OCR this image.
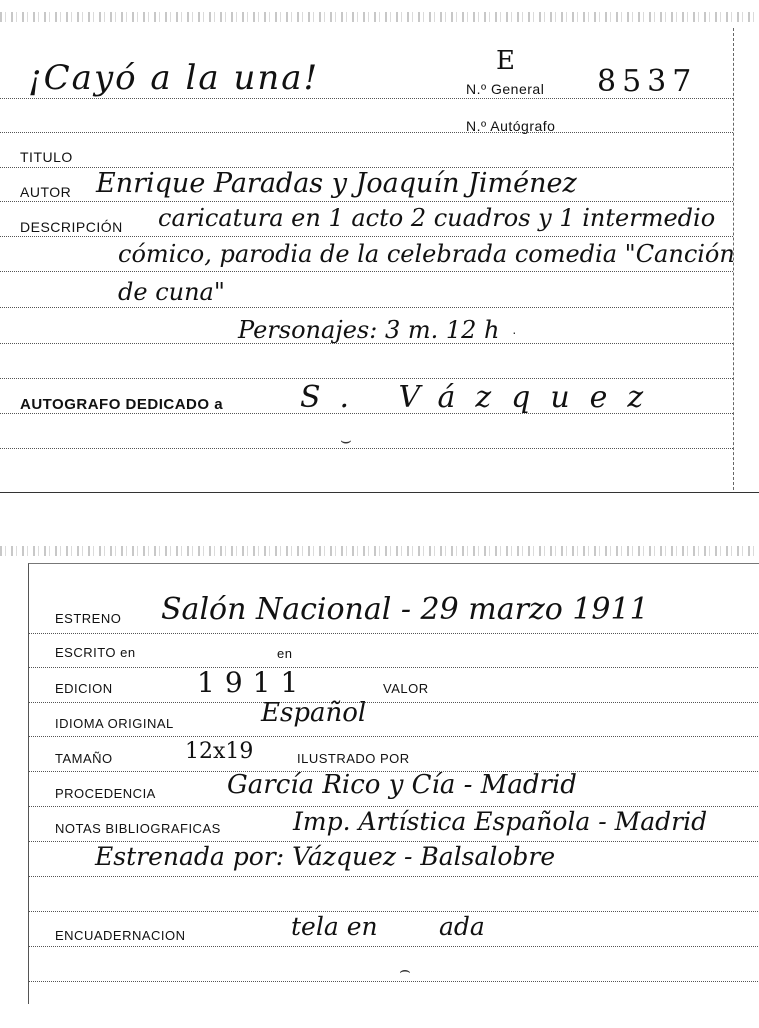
¡Cayó a la una!	E
N.º General 8537
N.º Autógrafo
TITULO
AUTOR Enrique Paradas y Joaquín Jiménez
DESCRIPCIÓN caricatura en 1 acto 2 cuadros y 1 intermedio
cómico, parodia de la celebrada comedia "Canción
de cuna"
Personajes: 3 m. 12 h ·
AUTOGRAFO DEDICADO a	S. Vázquez
⌣
ESTRENO Salón Nacional - 29 marzo 1911
ESCRITO en	en
EDICION	1911	VALOR
IDIOMA ORIGINAL	Español
TAMAÑO	12x19	ILUSTRADO POR
PROCEDENCIA	García Rico y Cía - Madrid
NOTAS BIBLIOGRAFICAS	Imp. Artística Española - Madrid
Estrenada por: Vázquez - Balsalobre
ENCUADERNACION	tela en ada
⌢
